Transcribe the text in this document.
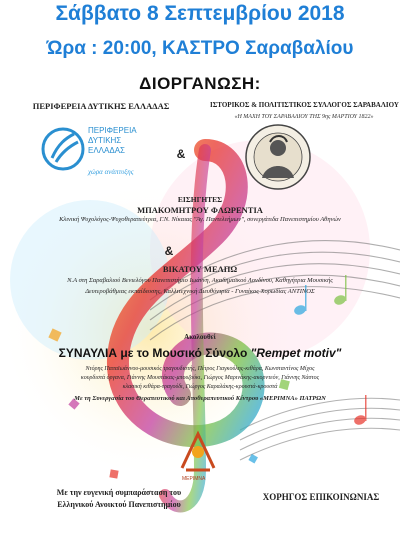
Σάββατο 8 Σεπτεμβρίου 2018
Ώρα : 20:00, ΚΑΣΤΡΟ Σαραβαλίου
ΔΙΟΡΓΑΝΩΣΗ:
ΠΕΡΙΦΕΡΕΙΑ ΔΥΤΙΚΗΣ ΕΛΛΑΔΑΣ
ΠΕΡΙΦΕΡΕΙΑ
ΔΥΤΙΚΗΣ
ΕΛΛΑΔΑΣ
χώρα ανάπτυξης
&
ΙΣΤΟΡΙΚΟΣ & ΠΟΛΙΤΙΣΤΙΚΟΣ ΣΥΛΛΟΓΟΣ ΣΑΡΑΒΑΛΙΟΥ
«Η ΜΑΧΗ ΤΟΥ ΣΑΡΑΒΑΛΙΟΥ ΤΗΣ 9ης ΜΑΡΤΙΟΥ 1822»
ΕΙΣΗΓΗΤΕΣ
ΜΠΑΚΟΜΗΤΡΟΥ ΦΛΩΡΕΝΤΙΑ
Κλινική Ψυχολόγος-Ψυχοθεραπεύτρια, Γ.Ν. Νίκαιας "Άγ. Παντελεήμων", συνεργάτιδα Πανεπιστημίου Αθηνών
&
ΒΙΚΑΤΟΥ ΜΕΛΠΩ
Ν.Α στη Σαραβαλιού Βενιελόγου Πανεπιστήμιο Ιωάννη, Ακαδημαϊκού Λονδίνου, Καθηγήτρια Μουσικής
Δευτεροβάθμιας εκπαίδευσης, Καλλιτεχνική Διευθύντρια - Γυναίκος Χορωδίας ΑΝΤΙΝΟΣ
Ακολουθεί
ΣΥΝΑΥΛΙΑ με το Μουσικό Σύνολο "Rempet motiv"
Ντόρης Παπαϊωάννου-μουσικός τραγουδιστής, Πέτρος Γιαγκούλης-κιθάρα, Κωνσταντίνος Μίχος
κουρδιστά όργανα, Γιάννης Μουστάκας-μπουζούκι, Γιώργος Μαρινάκης-ακορντεόν, Γιάννης Νάστος
κλασική κιθάρα-τραγούδι, Γιώργος Καραλάκης-κρουστά-κρουστά
Με τη Συνεργασία του Θεραπευτικού και Αποθεραπευτικού Κέντρου «ΜΕΡΙΜΝΑ» ΠΑΤΡΩΝ
ΜΕΡΙΜΝΑ
Με την ευγενική συμπαράσταση του
Ελληνικού Ανοικτού Πανεπιστημίου
ΧΟΡΗΓΟΣ ΕΠΙΚΟΙΝΩΝΙΑΣ
